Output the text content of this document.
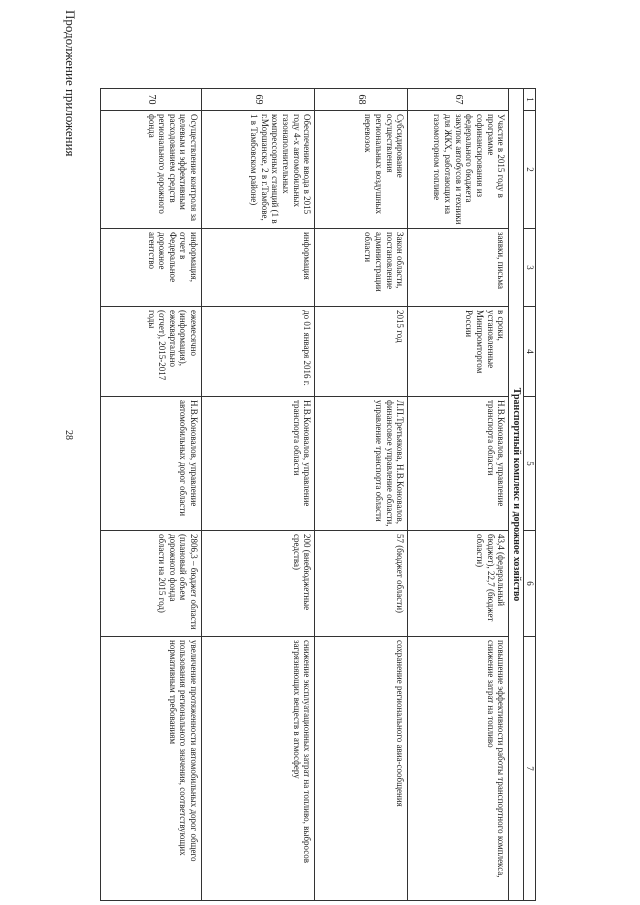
28
Продолжение приложения	1	2	3	4	5	6	7
Транспортный комплекс и дорожное хозяйство						
67	Участие в 2015 году в программе софинансирования из федерального бюджета закупок автобусов и техники для ЖКХ, работающих на газомоторном топливе	заявки, письма	в сроки, установленные Минпромторгом России	Н.В.Коновалов, управление транспорта области	43,4 (федеральный бюджет), 22,7 (бюджет области)	повышение эффективности работы транспортного комплекса, снижение затрат на топливо
68	Субсидирование осуществления региональных воздушных перевозок	Закон области, постановление администрации области	2015 год	Л.П.Третьякова, Н.В.Коновалов, финансовое управление области, управление транспорта области	57 (бюджет области)	сохранение регионального авиа-сообщения
69	Обеспечение ввода в 2015 году 4-х автомобильных газонаполнительных компрессорных станций (1 в г.Моршанске, 2 в г.Тамбове, 1 в Тамбовском районе)	информация	до 01 января 2016 г.	Н.В.Коновалов, управление транспорта области	200 (внебюджетные средства)	снижение эксплуатационных затрат на топливо, выбросов загрязняющих веществ в атмосферу
70	Осуществление контроля за целевым и эффективным расходованием средств регионального дорожного фонда	информация, отчет в Федеральное дорожное агентство	ежемесячно (информация), ежеквартально (отчет), 2015-2017 годы	Н.В.Коновалов, управление автомобильных дорог области	2806,3 – бюджет области (плановый объем дорожного фонда области на 2015 год)	увеличение протяженности автомобильных дорог общего пользования регионального значения, соответствующих нормативным требованиям
